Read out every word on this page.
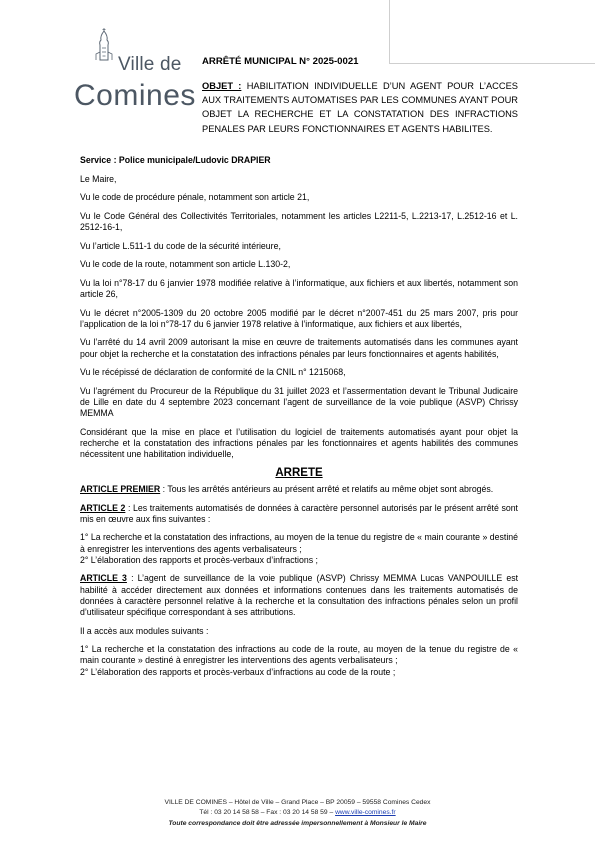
Ville de
Comines
ARRÊTÉ MUNICIPAL N° 2025-0021
OBJET : HABILITATION INDIVIDUELLE D’UN AGENT POUR L’ACCES AUX TRAITEMENTS AUTOMATISES PAR LES COMMUNES AYANT POUR OBJET LA RECHERCHE ET LA CONSTATATION DES INFRACTIONS PENALES PAR LEURS FONCTIONNAIRES ET AGENTS HABILITES.

Service : Police municipale/Ludovic DRAPIER

Le Maire,

Vu le code de procédure pénale, notamment son article 21,

Vu le Code Général des Collectivités Territoriales, notamment les articles L2211-5, L.2213-17, L.2512-16 et L. 2512-16-1,

Vu l’article L.511-1 du code de la sécurité intérieure,

Vu le code de la route, notamment son article L.130-2,

Vu la loi n°78-17 du 6 janvier 1978 modifiée relative à l’informatique, aux fichiers et aux libertés, notamment son article 26,

Vu le décret n°2005-1309 du 20 octobre 2005 modifié par le décret n°2007-451 du 25 mars 2007, pris pour l’application de la loi n°78-17 du 6 janvier 1978 relative à l’informatique, aux fichiers et aux libertés,

Vu l’arrêté du 14 avril 2009 autorisant la mise en œuvre de traitements automatisés dans les communes ayant pour objet la recherche et la constatation des infractions pénales par leurs fonctionnaires et agents habilités,

Vu le récépissé de déclaration de conformité de la CNIL n° 1215068,

Vu l’agrément du Procureur de la République du 31 juillet 2023 et l’assermentation devant le Tribunal Judicaire de Lille en date du 4 septembre 2023 concernant l’agent de surveillance de la voie publique (ASVP) Chrissy MEMMA

Considérant que la mise en place et l’utilisation du logiciel de traitements automatisés ayant pour objet la recherche et la constatation des infractions pénales par les fonctionnaires et agents habilités des communes nécessitent une habilitation individuelle,

ARRETE

ARTICLE PREMIER : Tous les arrêtés antérieurs au présent arrêté et relatifs au même objet sont abrogés.

ARTICLE 2 : Les traitements automatisés de données à caractère personnel autorisés par le présent arrêté sont mis en œuvre aux fins suivantes :

1° La recherche et la constatation des infractions, au moyen de la tenue du registre de « main courante » destiné à enregistrer les interventions des agents verbalisateurs ;

2° L’élaboration des rapports et procès-verbaux d’infractions ;

ARTICLE 3 : L’agent de surveillance de la voie publique (ASVP) Chrissy MEMMA Lucas VANPOUILLE est habilité à accéder directement aux données et informations contenues dans les traitements automatisés de données à caractère personnel relative à la recherche et la consultation des infractions pénales selon un profil d’utilisateur spécifique correspondant à ses attributions.

Il a accès aux modules suivants :

1° La recherche et la constatation des infractions au code de la route, au moyen de la tenue du registre de « main courante » destiné à enregistrer les interventions des agents verbalisateurs ;

2° L’élaboration des rapports et procès-verbaux d’infractions au code de la route ;

VILLE DE COMINES – Hôtel de Ville – Grand Place – BP 20059 – 59558 Comines Cedex
Tél : 03 20 14 58 58 – Fax : 03 20 14 58 59 – www.ville-comines.fr
Toute correspondance doit être adressée impersonnellement à Monsieur le Maire
